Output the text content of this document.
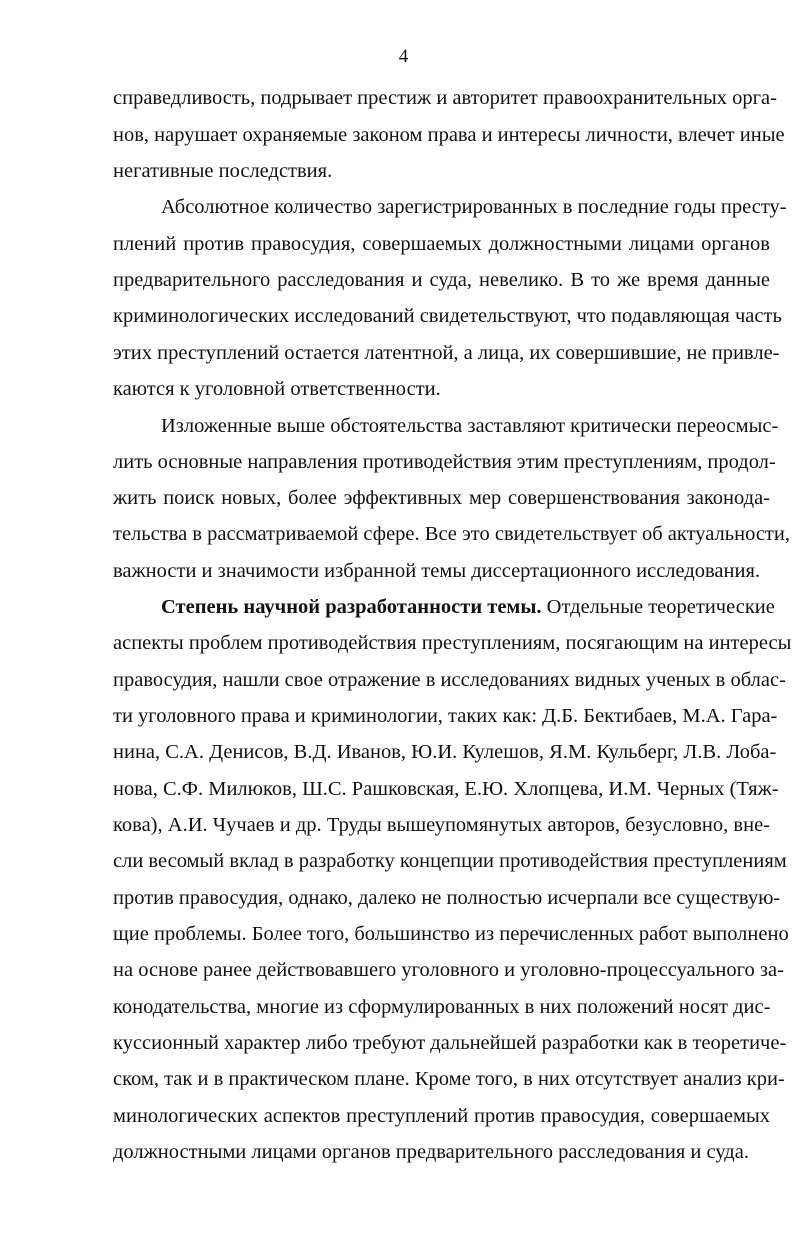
4
справедливость, подрывает престиж и авторитет правоохранительных орга-
нов, нарушает охраняемые законом права и интересы личности, влечет иные
негативные последствия.
Абсолютное количество зарегистрированных в последние годы престу-
плений против правосудия, совершаемых должностными лицами органов
предварительного расследования и суда, невелико. В то же время данные
криминологических исследований свидетельствуют, что подавляющая часть
этих преступлений остается латентной, а лица, их совершившие, не привле-
каются к уголовной ответственности.
Изложенные выше обстоятельства заставляют критически переосмыс-
лить основные направления противодействия этим преступлениям, продол-
жить поиск новых, более эффективных мер совершенствования законода-
тельства в рассматриваемой сфере. Все это свидетельствует об актуальности,
важности и значимости избранной темы диссертационного исследования.
Степень научной разработанности темы. Отдельные теоретические
аспекты проблем противодействия преступлениям, посягающим на интересы
правосудия, нашли свое отражение в исследованиях видных ученых в облас-
ти уголовного права и криминологии, таких как: Д.Б. Бектибаев, М.А. Гара-
нина, С.А. Денисов, В.Д. Иванов, Ю.И. Кулешов, Я.М. Кульберг, Л.В. Лоба-
нова, С.Ф. Милюков, Ш.С. Рашковская, Е.Ю. Хлопцева, И.М. Черных (Тяж-
кова), А.И. Чучаев и др. Труды вышеупомянутых авторов, безусловно, вне-
сли весомый вклад в разработку концепции противодействия преступлениям
против правосудия, однако, далеко не полностью исчерпали все существую-
щие проблемы. Более того, большинство из перечисленных работ выполнено
на основе ранее действовавшего уголовного и уголовно-процессуального за-
конодательства, многие из сформулированных в них положений носят дис-
куссионный характер либо требуют дальнейшей разработки как в теоретиче-
ском, так и в практическом плане. Кроме того, в них отсутствует анализ кри-
минологических аспектов преступлений против правосудия, совершаемых
должностными лицами органов предварительного расследования и суда.
